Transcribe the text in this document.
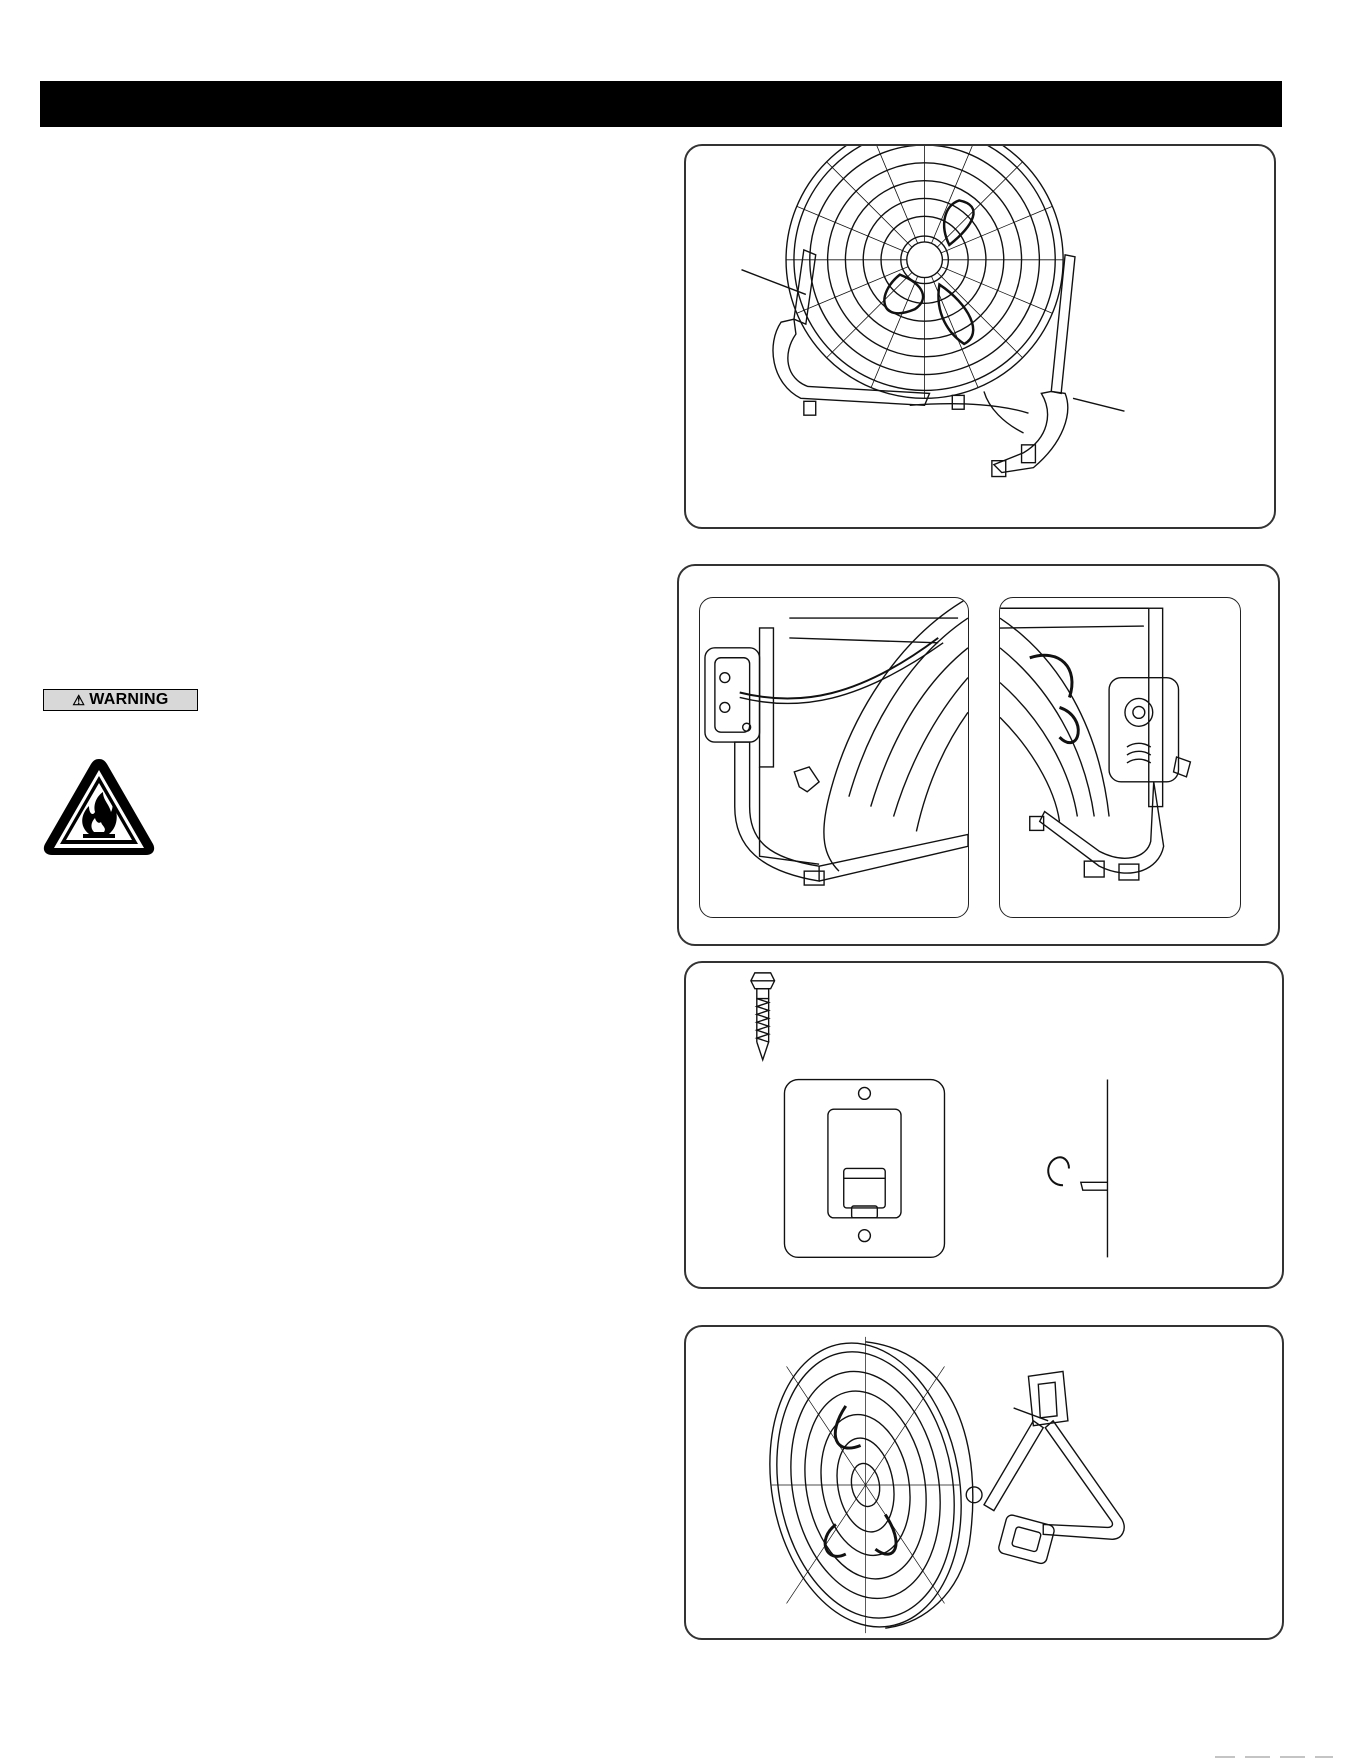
⚠ WARNING
